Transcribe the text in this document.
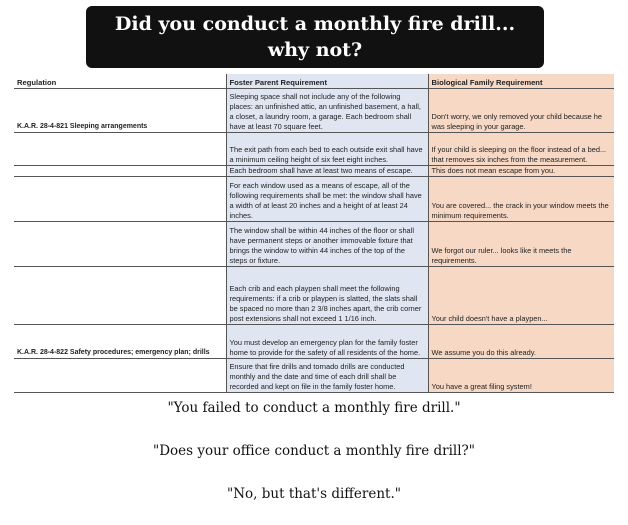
Did you conduct a monthly fire drill...
why not?
Regulation	Foster Parent Requirement	Biological Family Requirement
K.A.R. 28-4-821 Sleeping arrangements	Sleeping space shall not include any of the following places: an unfinished attic, an unfinished basement, a hall, a closet, a laundry room, a garage. Each bedroom shall have at least 70 square feet.	Don't worry, we only removed your child because he was sleeping in your garage.
	The exit path from each bed to each outside exit shall have a minimum ceiling height of six feet eight inches.	If your child is sleeping on the floor instead of a bed... that removes six inches from the measurement.
	Each bedroom shall have at least two means of escape.	This does not mean escape from you.
	For each window used as a means of escape, all of the following requirements shall be met: the window shall have a width of at least 20 inches and a height of at least 24 inches.	You are covered... the crack in your window meets the minimum requirements.
	The window shall be within 44 inches of the floor or shall have permanent steps or another immovable fixture that brings the window to within 44 inches of the top of the steps or fixture.	We forgot our ruler... looks like it meets the requirements.
	Each crib and each playpen shall meet the following requirements: if a crib or playpen is slatted, the slats shall be spaced no more than 2 3/8 inches apart, the crib corner post extensions shall not exceed 1 1/16 inch.	Your child doesn't have a playpen...
K.A.R. 28-4-822 Safety procedures; emergency plan; drills	You must develop an emergency plan for the family foster home to provide for the safety of all residents of the home.	We assume you do this already.
	Ensure that fire drills and tornado drills are conducted monthly and the date and time of each drill shall be recorded and kept on file in the family foster home.	You have a great filing system!
"You failed to conduct a monthly fire drill."
"Does your office conduct a monthly fire drill?"
"No, but that's different."
